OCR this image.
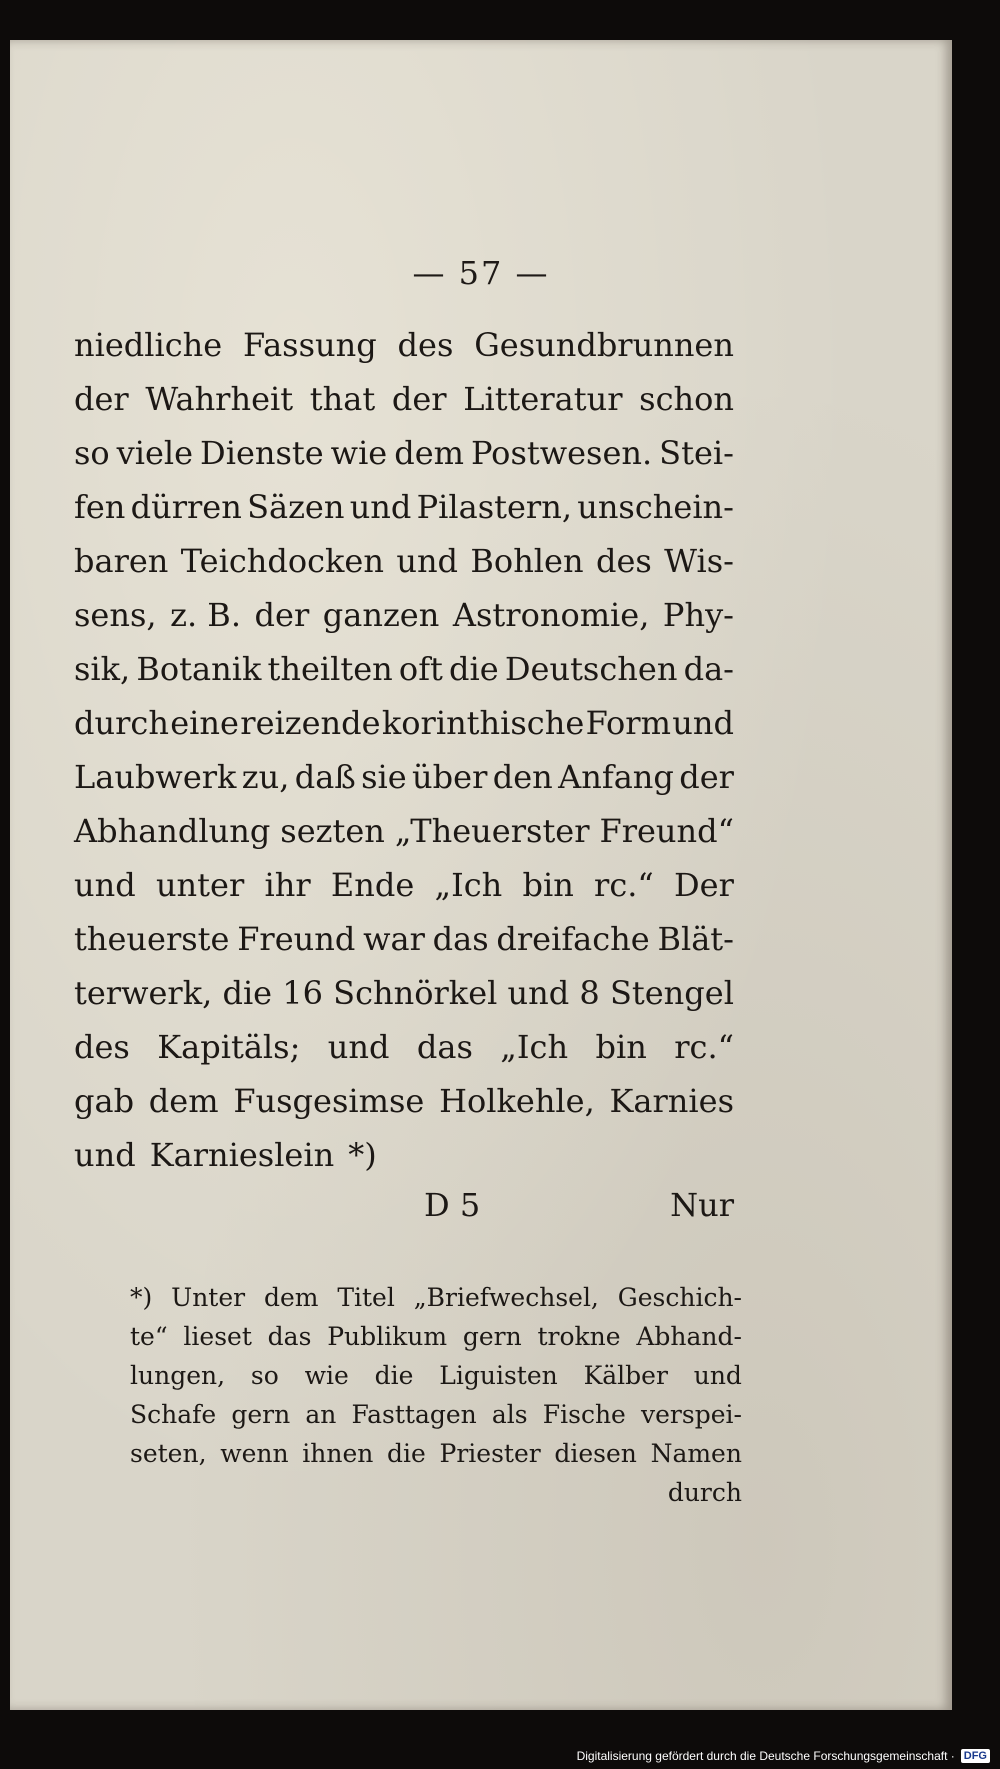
— 57 —
niedliche Fassung des Gesundbrunnen
der Wahrheit that der Litteratur schon
so viele Dienste wie dem Postwesen. Stei-
fen dürren Säzen und Pilastern, unschein-
baren Teichdocken und Bohlen des Wis-
sens, z. B. der ganzen Astronomie, Phy-
sik, Botanik theilten oft die Deutschen da-
durch eine reizende korinthische Form und
Laubwerk zu, daß sie über den Anfang der
Abhandlung sezten „Theuerster Freund“
und unter ihr Ende „Ich bin rc.“ Der
theuerste Freund war das dreifache Blät-
terwerk, die 16 Schnörkel und 8 Stengel
des Kapitäls; und das „Ich bin rc.“
gab dem Fusgesimse Holkehle, Karnies
und Karnieslein *)
D 5	Nur
*) Unter dem Titel „Briefwechsel, Geschich-
te“ lieset das Publikum gern trokne Abhand-
lungen, so wie die Liguisten Kälber und
Schafe gern an Fasttagen als Fische verspei-
seten, wenn ihnen die Priester diesen Namen
durch
Digitalisierung gefördert durch die Deutsche Forschungsgemeinschaft · DFG
